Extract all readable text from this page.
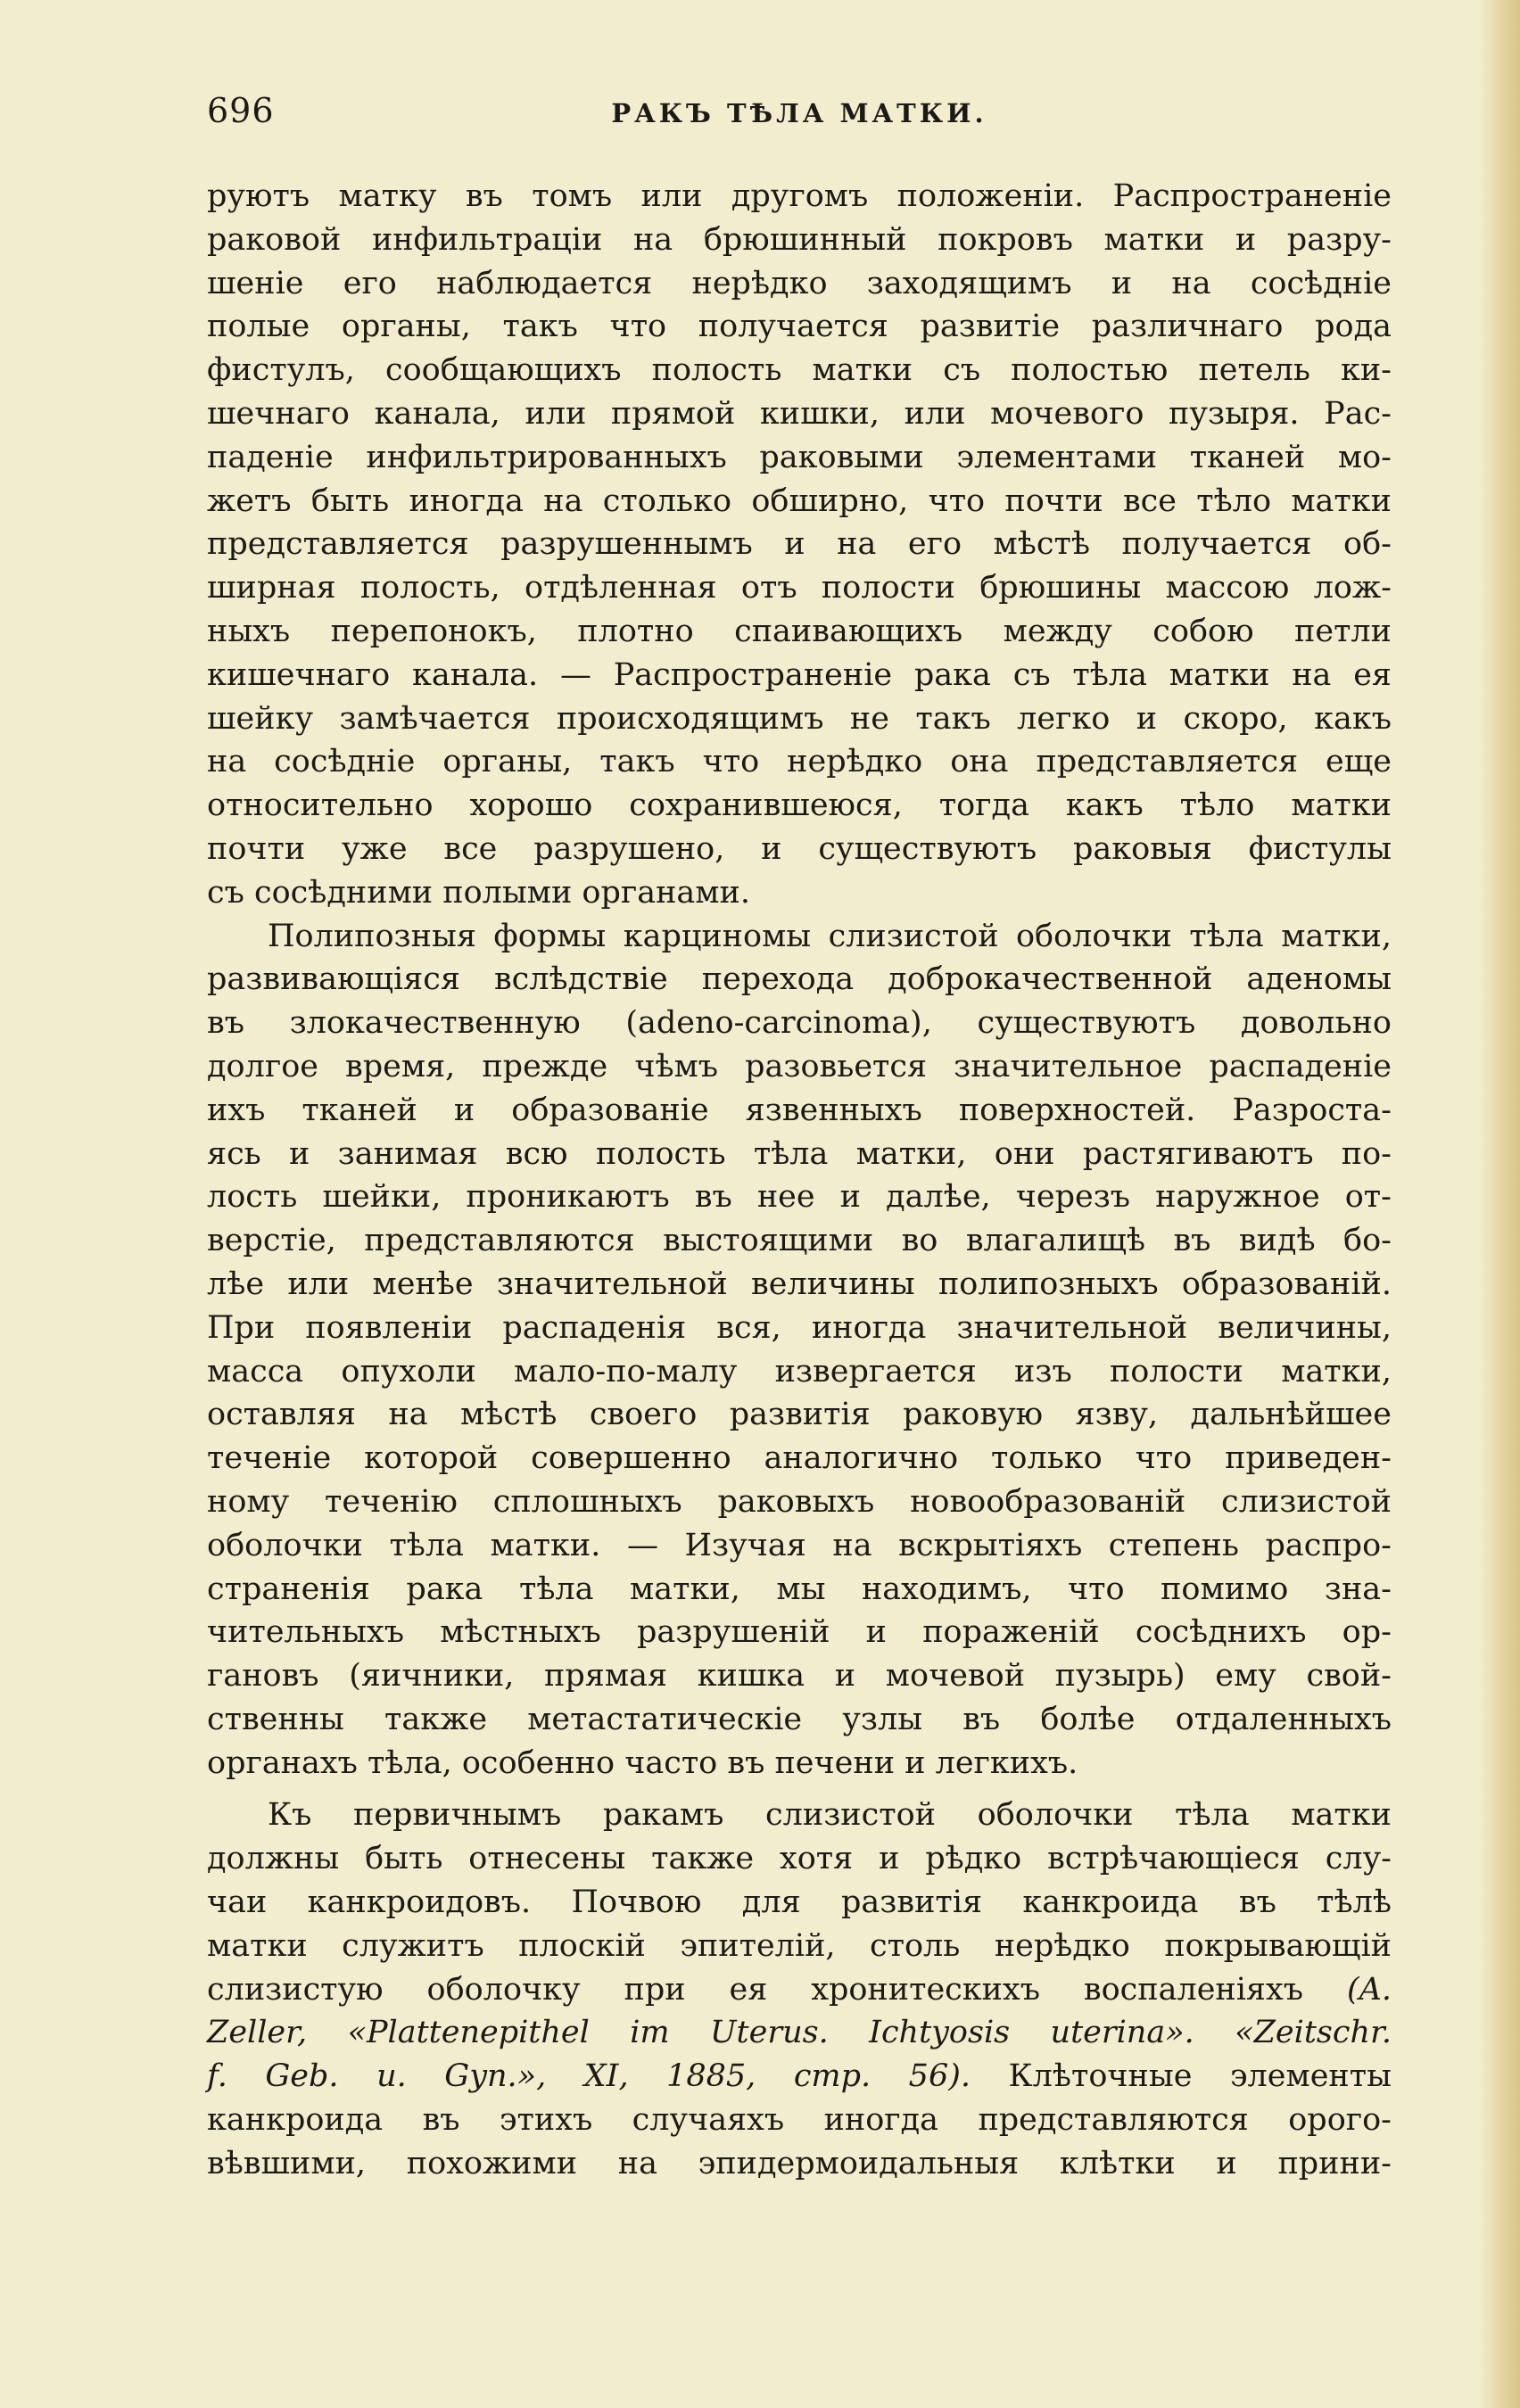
696	РАКЪ ТѢЛА МАТКИ.
руютъ матку въ томъ или другомъ положеніи. Распространеніе
раковой инфильтраціи на брюшинный покровъ матки и разру-
шеніе его наблюдается нерѣдко заходящимъ и на сосѣдніе
полые органы, такъ что получается развитіе различнаго рода
фистулъ, сообщающихъ полость матки съ полостью петель ки-
шечнаго канала, или прямой кишки, или мочевого пузыря. Рас-
паденіе инфильтрированныхъ раковыми элементами тканей мо-
жетъ быть иногда на столько обширно, что почти все тѣло матки
представляется разрушеннымъ и на его мѣстѣ получается об-
ширная полость, отдѣленная отъ полости брюшины массою лож-
ныхъ перепонокъ, плотно спаивающихъ между собою петли
кишечнаго канала. — Распространеніе рака съ тѣла матки на ея
шейку замѣчается происходящимъ не такъ легко и скоро, какъ
на сосѣдніе органы, такъ что нерѣдко она представляется еще
относительно хорошо сохранившеюся, тогда какъ тѣло матки
почти уже все разрушено, и существуютъ раковыя фистулы
съ сосѣдними полыми органами.
Полипозныя формы карциномы слизистой оболочки тѣла матки,
развивающіяся вслѣдствіе перехода доброкачественной аденомы
въ злокачественную (adeno-carcinoma), существуютъ довольно
долгое время, прежде чѣмъ разовьется значительное распаденіе
ихъ тканей и образованіе язвенныхъ поверхностей. Разроста-
ясь и занимая всю полость тѣла матки, они растягиваютъ по-
лость шейки, проникаютъ въ нее и далѣе, черезъ наружное от-
верстіе, представляются выстоящими во влагалищѣ въ видѣ бо-
лѣе или менѣе значительной величины полипозныхъ образованій.
При появленіи распаденія вся, иногда значительной величины,
масса опухоли мало-по-малу извергается изъ полости матки,
оставляя на мѣстѣ своего развитія раковую язву, дальнѣйшее
теченіе которой совершенно аналогично только что приведен-
ному теченію сплошныхъ раковыхъ новообразованій слизистой
оболочки тѣла матки. — Изучая на вскрытіяхъ степень распро-
страненія рака тѣла матки, мы находимъ, что помимо зна-
чительныхъ мѣстныхъ разрушеній и пораженій сосѣднихъ ор-
гановъ (яичники, прямая кишка и мочевой пузырь) ему свой-
ственны также метастатическіе узлы въ болѣе отдаленныхъ
органахъ тѣла, особенно часто въ печени и легкихъ.
Къ первичнымъ ракамъ слизистой оболочки тѣла матки
должны быть отнесены также хотя и рѣдко встрѣчающіеся слу-
чаи канкроидовъ. Почвою для развитія канкроида въ тѣлѣ
матки служитъ плоскій эпителій, столь нерѣдко покрывающій
слизистую оболочку при ея хронитескихъ воспаленіяхъ (A.
Zeller, «Plattenepithel im Uterus. Ichtyosis uterina». «Zeitschr.
f. Geb. u. Gyn.», XI, 1885, стр. 56). Клѣточные элементы
канкроида въ этихъ случаяхъ иногда представляются орого-
вѣвшими, похожими на эпидермоидальныя клѣтки и прини-
